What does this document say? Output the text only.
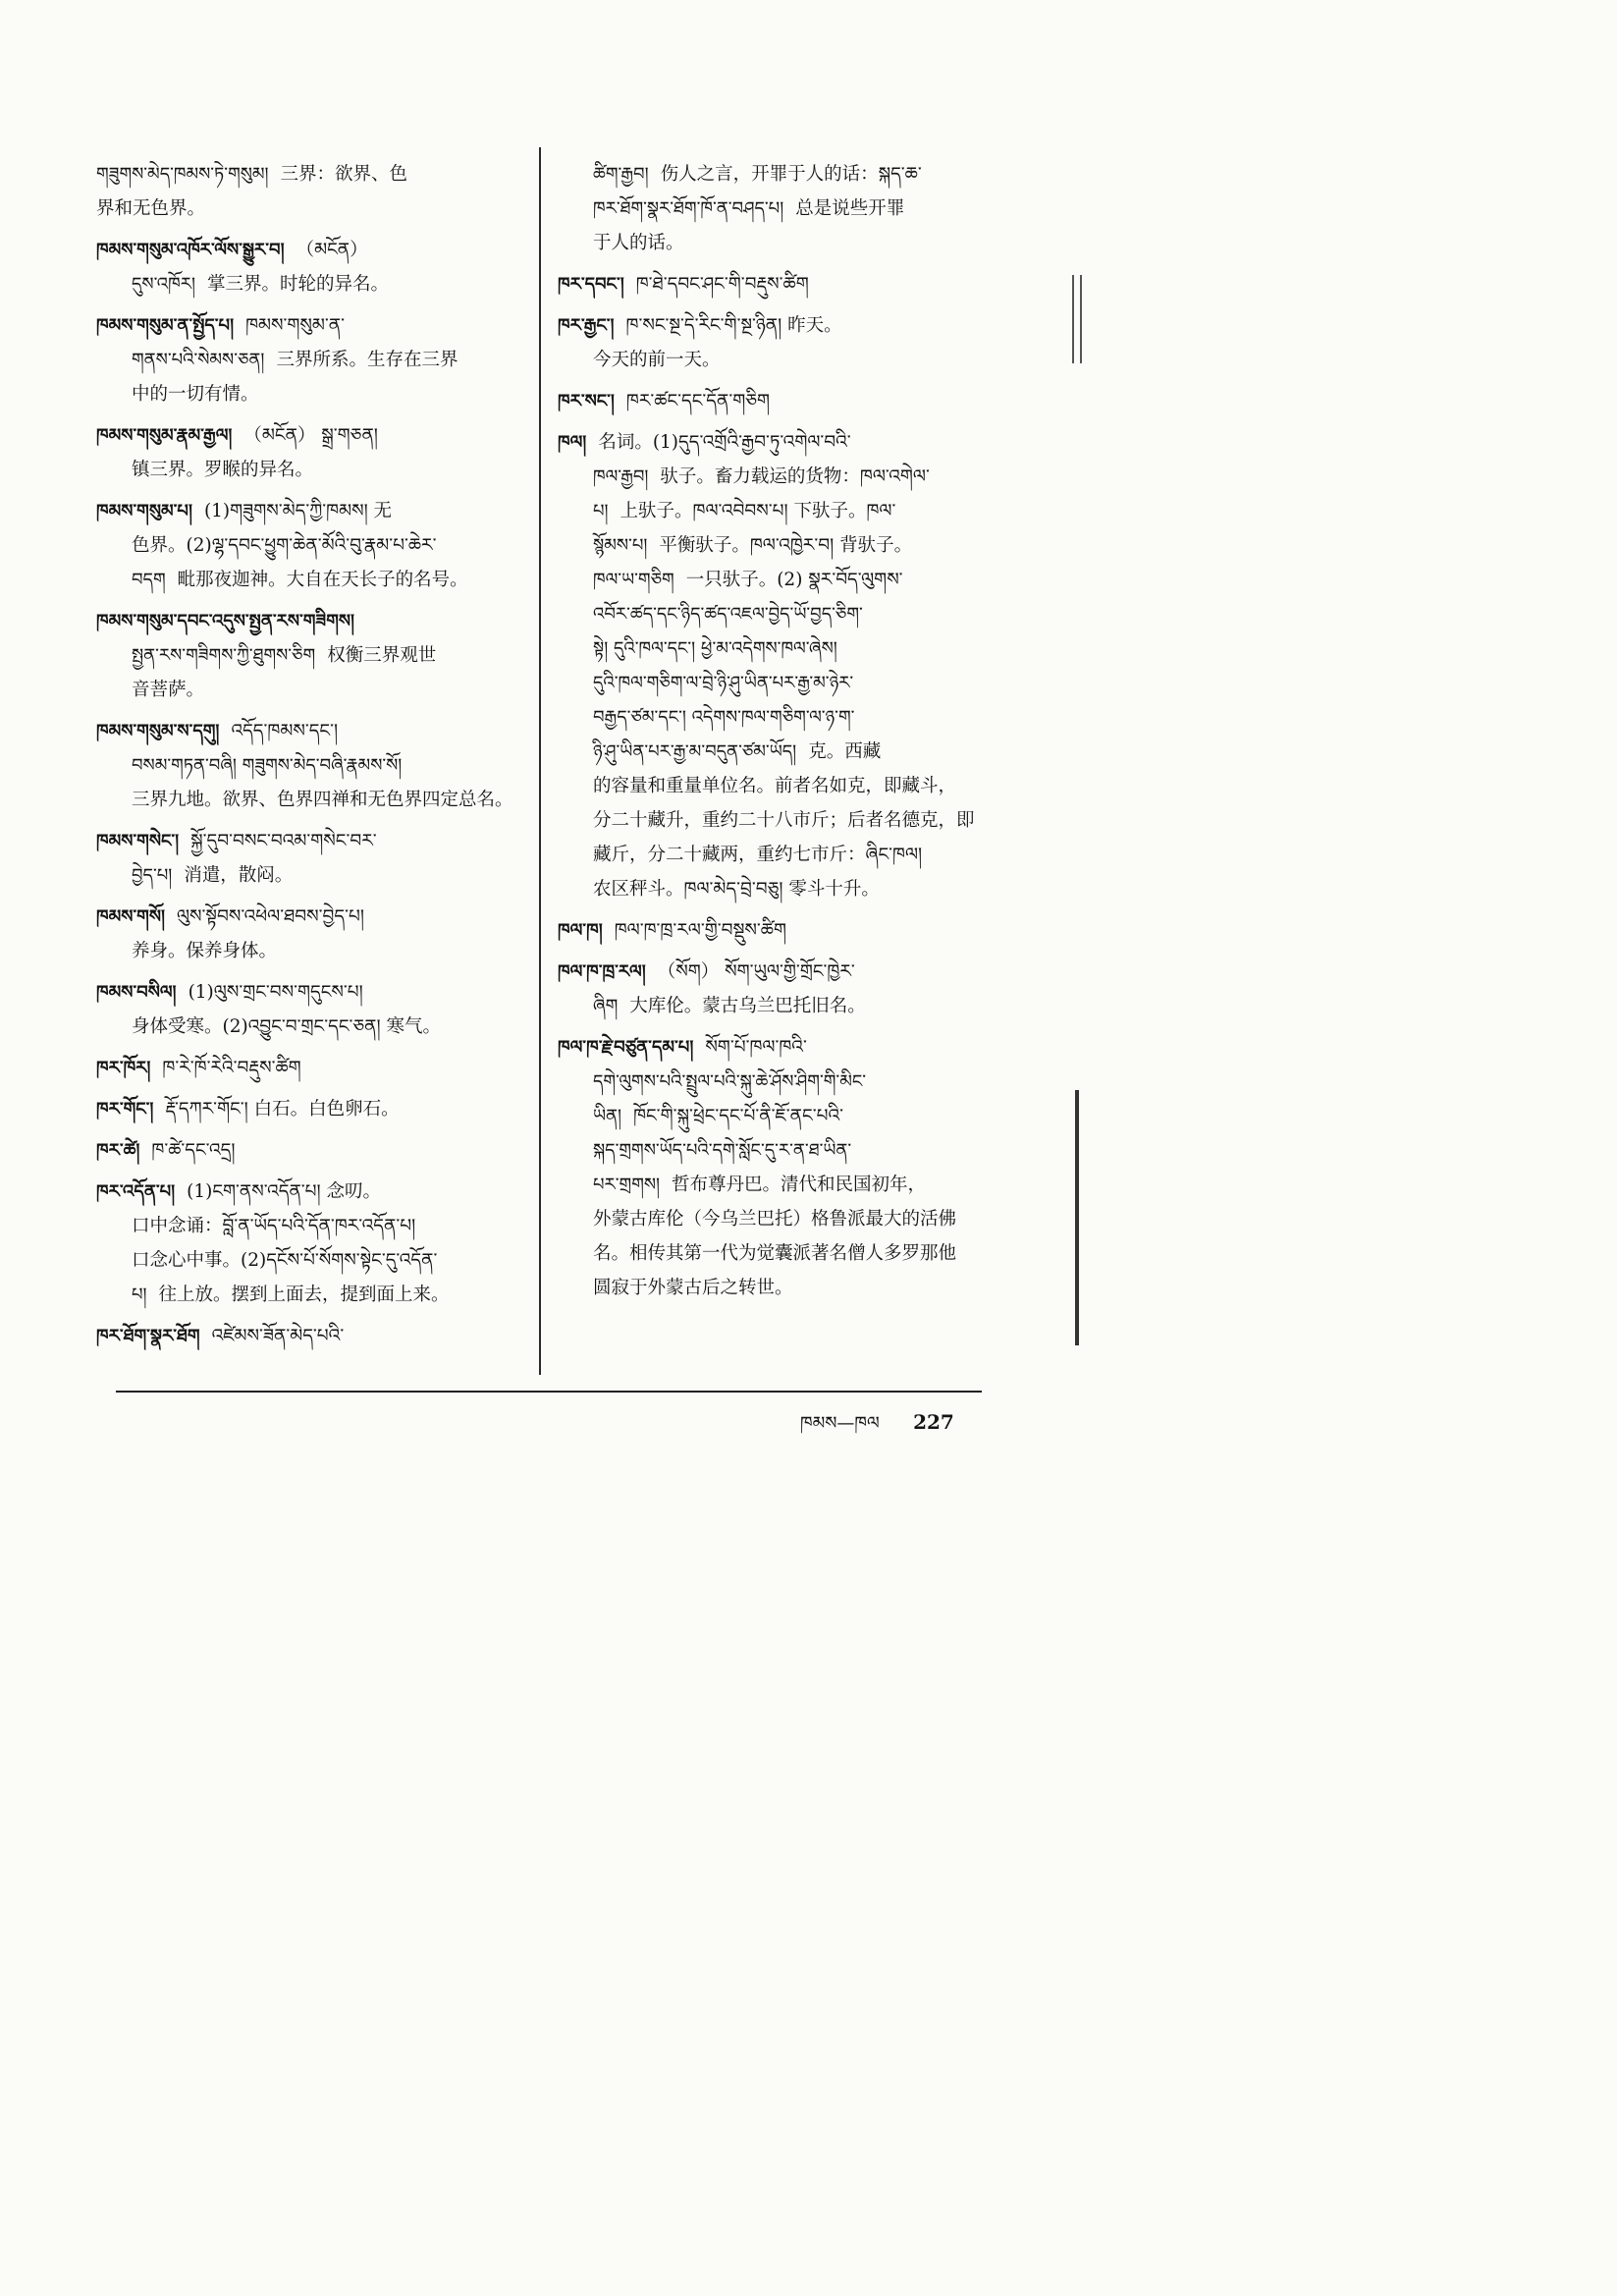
གཟུགས་མེད་ཁམས་ཏེ་གསུམ། 三界：欲界、色
界和无色界。
ཁམས་གསུམ་འཁོར་ལོས་སྒྱུར་བ། （མངོན）
དུས་འཁོར། 掌三界。时轮的异名。
ཁམས་གསུམ་ན་སྤྱོད་པ། ཁམས་གསུམ་ན་
གནས་པའི་སེམས་ཅན། 三界所系。生存在三界
中的一切有情。
ཁམས་གསུམ་རྣམ་རྒྱལ། （མངོན） སྒྲ་གཅན།
镇三界。罗睺的异名。
ཁམས་གསུམ་པ། (1)གཟུགས་མེད་ཀྱི་ཁམས། 无
色界。(2)ལྷ་དབང་ཕྱུག་ཆེན་མོའི་བུ་རྣམ་པ་ཆེར་
བདག 毗那夜迦神。大自在天长子的名号。
ཁམས་གསུམ་དབང་འདུས་སྤྱན་རས་གཟིགས།
སྤྱན་རས་གཟིགས་ཀྱི་ཐུགས་ཅིག 权衡三界观世
音菩萨。
ཁམས་གསུམ་ས་དགུ། འདོད་ཁམས་དང་།
བསམ་གཏན་བཞི། གཟུགས་མེད་བཞི་རྣམས་སོ།
三界九地。欲界、色界四禅和无色界四定总名。
ཁམས་གསེང་། སྐྱོ་དུབ་བསང་བའམ་གསེང་བར་
བྱེད་པ། 消遣，散闷。
ཁམས་གསོ། ལུས་སྟོབས་འཕེལ་ཐབས་བྱེད་པ།
养身。保养身体。
ཁམས་བསིལ། (1)ལུས་གྲང་བས་གདུངས་པ།
身体受寒。(2)འབྱུང་བ་གྲང་དང་ཅན། 寒气。
ཁར་ཁོར། ཁ་རེ་ཁོ་རེའི་བརྡུས་ཚིག
ཁར་གོང་། རྡོ་དཀར་གོང་། 白石。白色卵石。
ཁར་ཚེ། ཁ་ཚེ་དང་འདྲ།
ཁར་འདོན་པ། (1)ངག་ནས་འདོན་པ། 念叨。
口中念诵：བློ་ན་ཡོད་པའི་དོན་ཁར་འདོན་པ།
口念心中事。(2)དངོས་པོ་སོགས་སྟེང་དུ་འདོན་
པ། 往上放。摆到上面去，提到面上来。
ཁར་ཐོག་སྣར་ཐོག འཛེམས་ཟོན་མེད་པའི་
ཚིག་རྒྱབ། 伤人之言，开罪于人的话：སྐད་ཆ་
ཁར་ཐོག་སྣར་ཐོག་ཁོ་ན་བཤད་པ། 总是说些开罪
于人的话。
ཁར་དབང་། ཁ་ཐེ་དབང་ཤང་གི་བརྡུས་ཚིག
ཁར་རྒྱང་། ཁ་སང་སྔ་དེ་རིང་གི་སྔ་ཉིན། 昨天。
今天的前一天。
ཁར་སང་། ཁར་ཚང་དང་དོན་གཅིག
ཁལ། 名词。(1)དུད་འགྲོའི་རྒྱབ་ཏུ་འགེལ་བའི་
ཁལ་རྒྱབ། 驮子。畜力载运的货物：ཁལ་འགེལ་
པ། 上驮子。ཁལ་འབེབས་པ། 下驮子。ཁལ་
སྙོམས་པ། 平衡驮子。ཁལ་འཁྱེར་བ། 背驮子。
ཁལ་ཡ་གཅིག 一只驮子。(2) སྣར་བོད་ལུགས་
འབོར་ཚད་དང་ཉིད་ཚད་འཇལ་བྱེད་ཡོ་བྱད་ཅིག་
སྟེ། དུའི་ཁལ་དང་། ཕྱེ་མ་འདེགས་ཁལ་ཞེས།
དུའི་ཁལ་གཅིག་ལ་བྲེ་ཉི་ཤུ་ཡིན་པར་རྒྱ་མ་ཉེར་
བརྒྱད་ཙམ་དང་། འདེགས་ཁལ་གཅིག་ལ་ཉ་ག་
ཉི་ཤུ་ཡིན་པར་རྒྱ་མ་བདུན་ཙམ་ཡོད། 克。西藏
的容量和重量单位名。前者名如克，即藏斗，
分二十藏升，重约二十八市斤；后者名德克，即
藏斤，分二十藏两，重约七市斤：ཞིང་ཁལ།
农区秤斗。ཁལ་མེད་བྲེ་བཅུ། 零斗十升。
ཁལ་ཁ། ཁལ་ཁ་ཁྲ་རལ་གྱི་བསྡུས་ཚིག
ཁལ་ཁ་ཁྲ་རལ། （སོག） སོག་ཡུལ་གྱི་གྲོང་ཁྱེར་
ཞིག 大库伦。蒙古乌兰巴托旧名。
ཁལ་ཁ་རྗེ་བཙུན་དམ་པ། སོག་པོ་ཁལ་ཁའི་
དགེ་ལུགས་པའི་སྤྲུལ་པའི་སྐུ་ཆེ་ཤོས་ཤིག་གི་མིང་
ཡིན། ཁོང་གི་སྐུ་ཕྲེང་དང་པོ་ནི་ཇོ་ནང་པའི་
སྐད་གྲགས་ཡོད་པའི་དགེ་སློང་དུ་ར་ན་ཐ་ཡིན་
པར་གྲགས། 哲布尊丹巴。清代和民国初年，
外蒙古库伦（今乌兰巴托）格鲁派最大的活佛
名。相传其第一代为觉囊派著名僧人多罗那他
圆寂于外蒙古后之转世。
ཁམས—ཁལ 227
